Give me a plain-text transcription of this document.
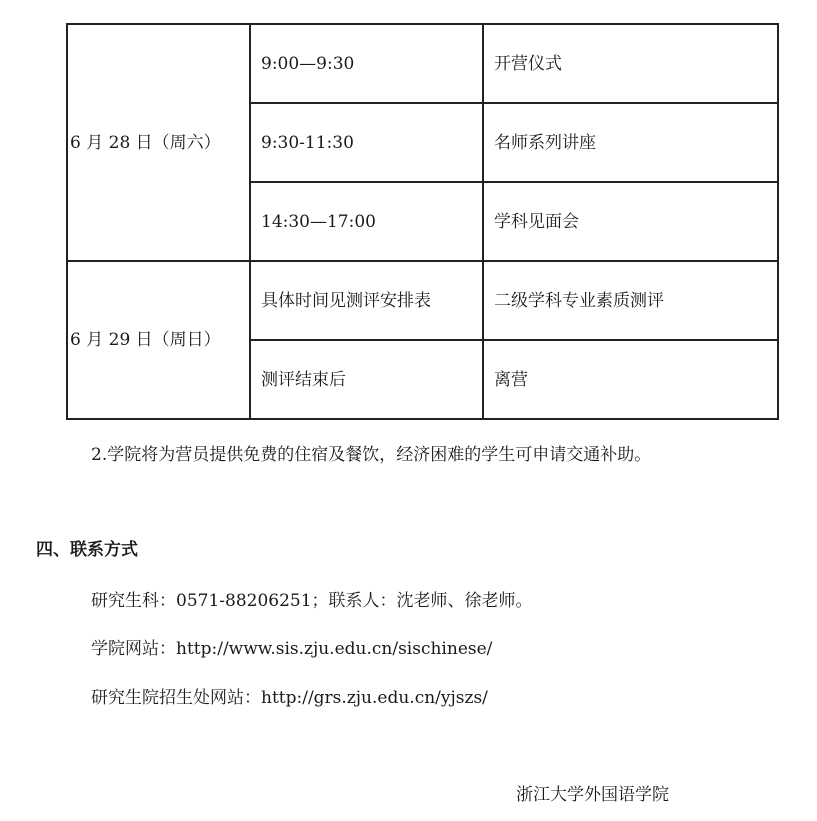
6 月 28 日（周六）	9:00—9:30	开营仪式
	9:30-11:30	名师系列讲座
	14:30—17:00	学科见面会
6 月 29 日（周日）	具体时间见测评安排表	二级学科专业素质测评
	测评结束后	离营

2.学院将为营员提供免费的住宿及餐饮，经济困难的学生可申请交通补助。

四、联系方式

研究生科：0571-88206251；联系人：沈老师、徐老师。

学院网站：http://www.sis.zju.edu.cn/sischinese/

研究生院招生处网站：http://grs.zju.edu.cn/yjszs/

浙江大学外国语学院
